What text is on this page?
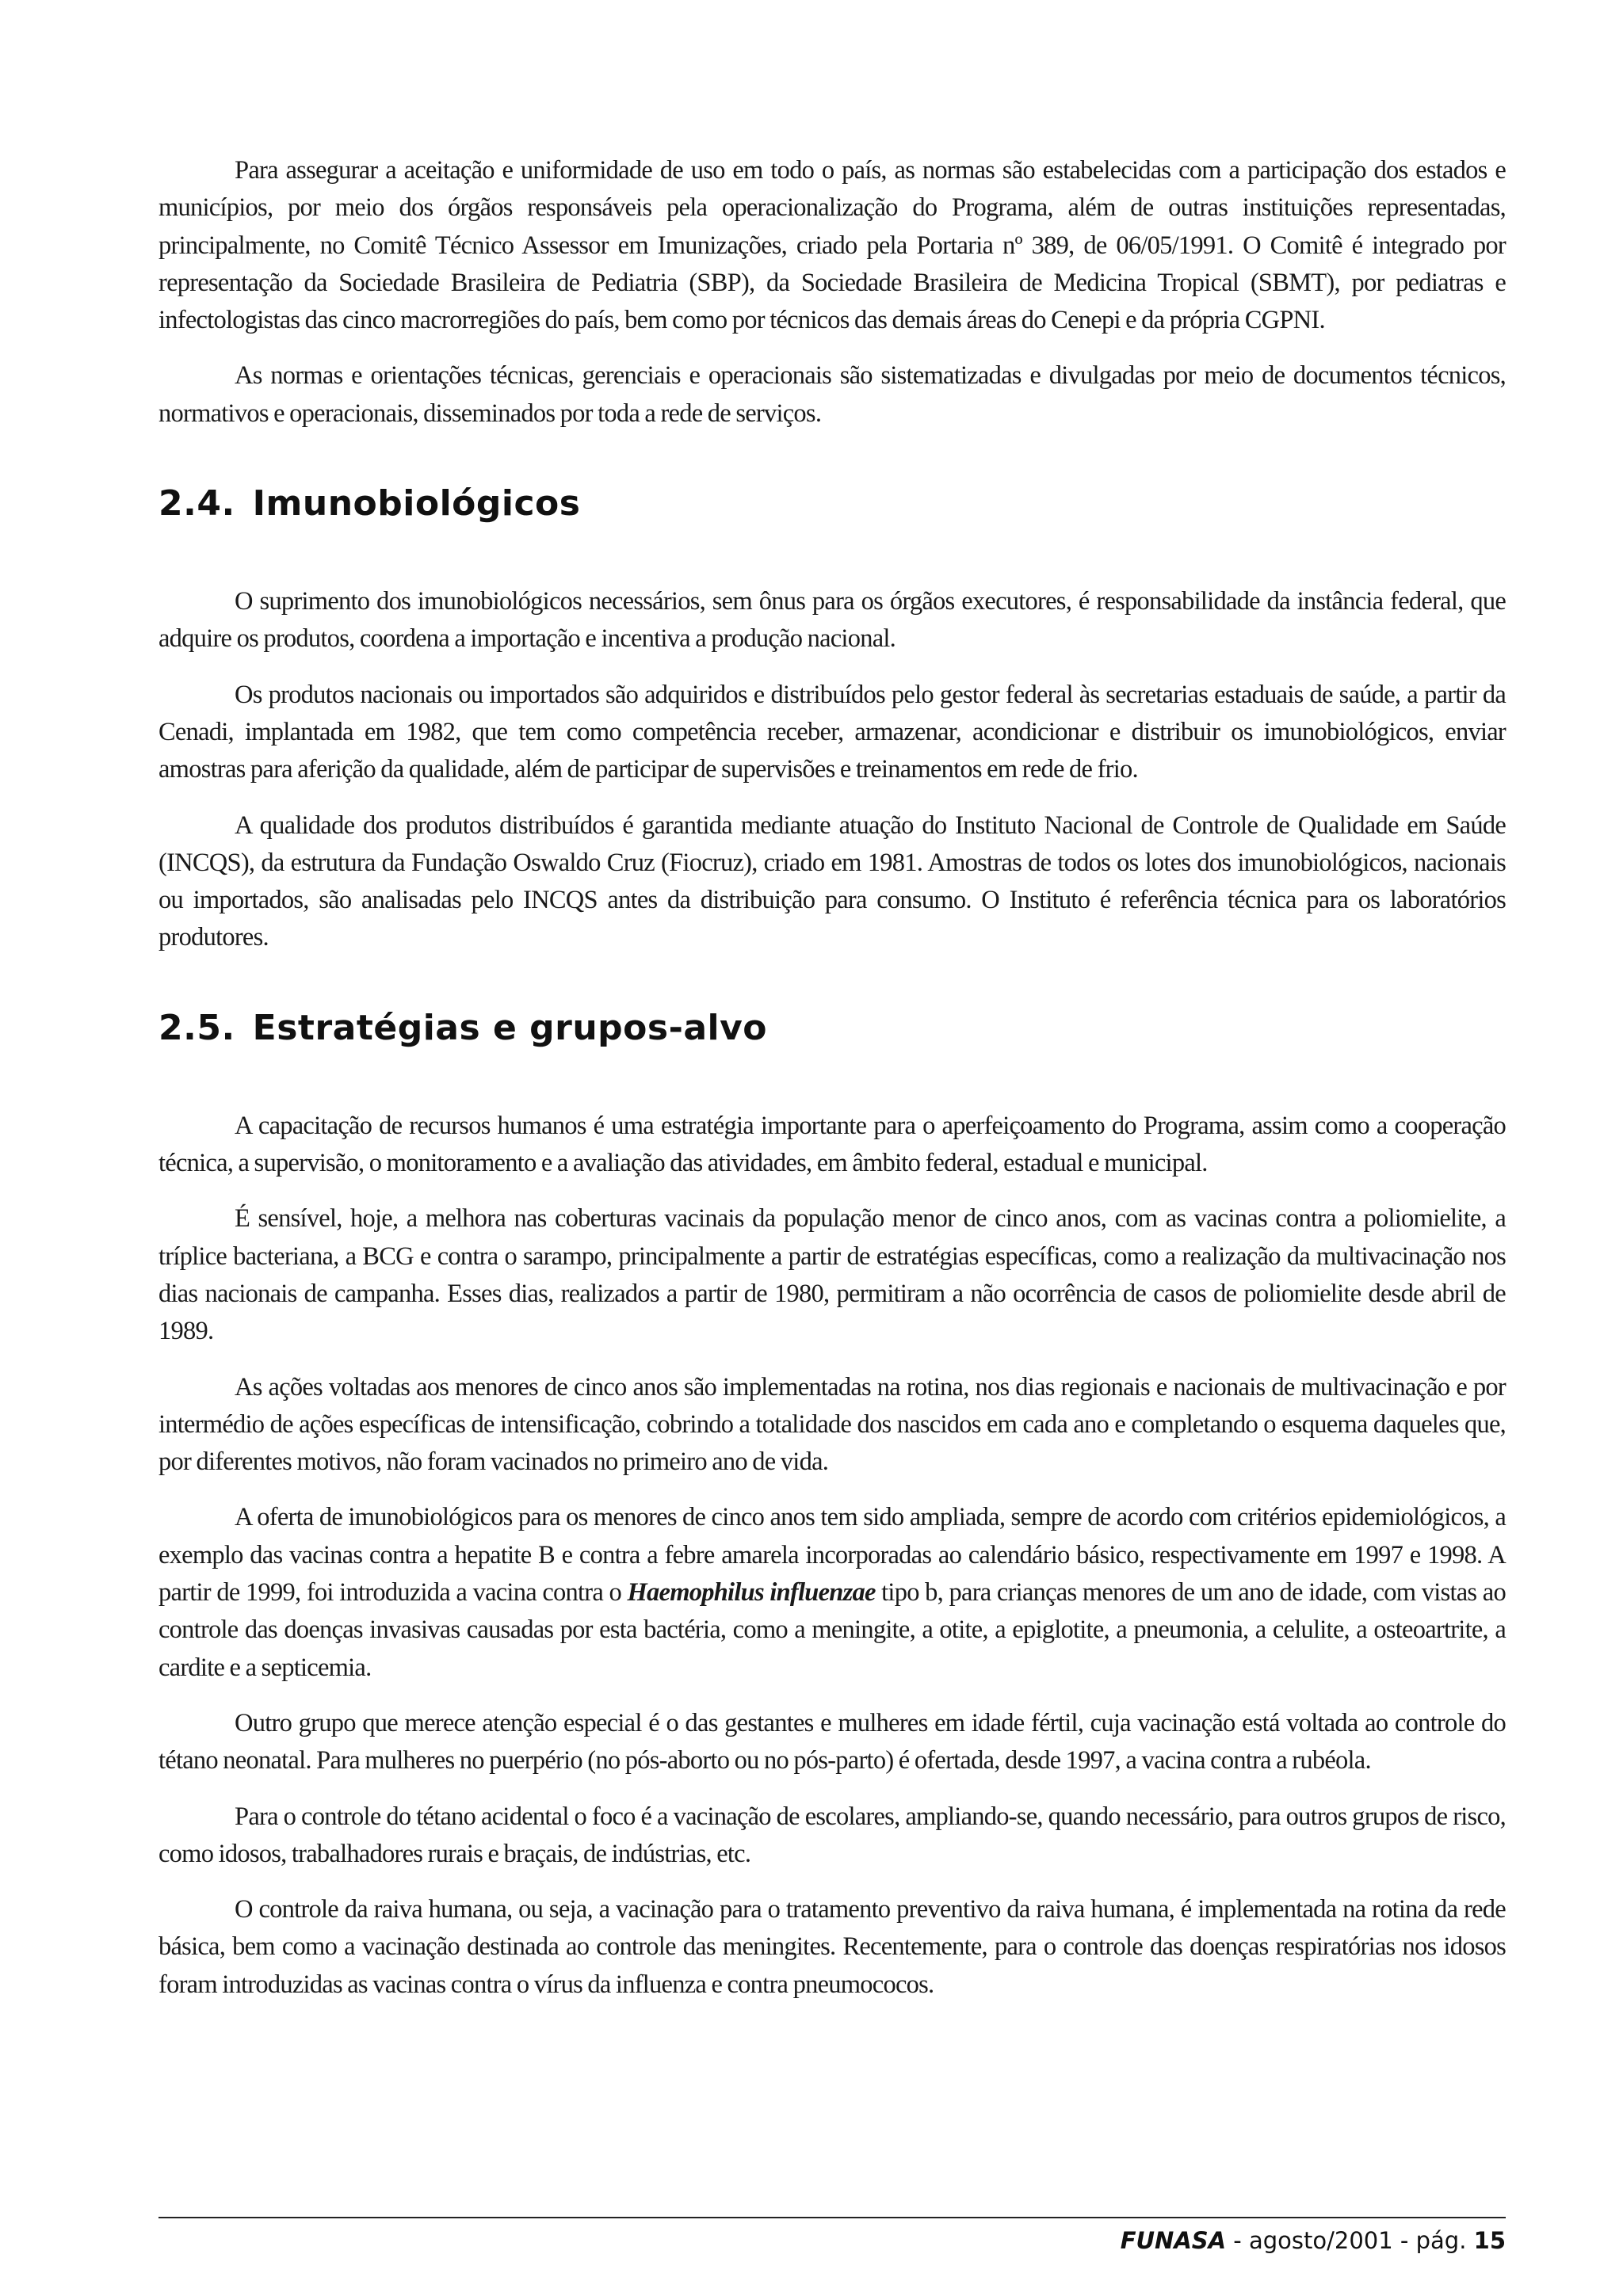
Para assegurar a aceitação e uniformidade de uso em todo o país, as normas são estabelecidas com a participação dos estados e municípios, por meio dos órgãos responsáveis pela operacionalização do Programa, além de outras instituições representadas, principalmente, no Comitê Técnico Assessor em Imunizações, criado pela Portaria nº 389, de 06/05/1991. O Comitê é integrado por representação da Sociedade Brasileira de Pediatria (SBP), da Sociedade Brasileira de Medicina Tropical (SBMT), por pediatras e infectologistas das cinco macrorregiões do país, bem como por técnicos das demais áreas do Cenepi e da própria CGPNI.

As normas e orientações técnicas, gerenciais e operacionais são sistematizadas e divulgadas por meio de documentos técnicos, normativos e operacionais, disseminados por toda a rede de serviços.

2.4. Imunobiológicos

O suprimento dos imunobiológicos necessários, sem ônus para os órgãos executores, é responsabilidade da instância federal, que adquire os produtos, coordena a importação e incentiva a produção nacional.

Os produtos nacionais ou importados são adquiridos e distribuídos pelo gestor federal às secretarias estaduais de saúde, a partir da Cenadi, implantada em 1982, que tem como competência receber, armazenar, acondicionar e distribuir os imunobiológicos, enviar amostras para aferição da qualidade, além de participar de supervisões e treinamentos em rede de frio.

A qualidade dos produtos distribuídos é garantida mediante atuação do Instituto Nacional de Controle de Qualidade em Saúde (INCQS), da estrutura da Fundação Oswaldo Cruz (Fiocruz), criado em 1981. Amostras de todos os lotes dos imunobiológicos, nacionais ou importados, são analisadas pelo INCQS antes da distribuição para consumo. O Instituto é referência técnica para os laboratórios produtores.

2.5. Estratégias e grupos-alvo

A capacitação de recursos humanos é uma estratégia importante para o aperfeiçoamento do Programa, assim como a cooperação técnica, a supervisão, o monitoramento e a avaliação das atividades, em âmbito federal, estadual e municipal.

É sensível, hoje, a melhora nas coberturas vacinais da população menor de cinco anos, com as vacinas contra a poliomielite, a tríplice bacteriana, a BCG e contra o sarampo, principalmente a partir de estratégias específicas, como a realização da multivacinação nos dias nacionais de campanha. Esses dias, realizados a partir de 1980, permitiram a não ocorrência de casos de poliomielite desde abril de 1989.

As ações voltadas aos menores de cinco anos são implementadas na rotina, nos dias regionais e nacionais de multivacinação e por intermédio de ações específicas de intensificação, cobrindo a totalidade dos nascidos em cada ano e completando o esquema daqueles que, por diferentes motivos, não foram vacinados no primeiro ano de vida.

A oferta de imunobiológicos para os menores de cinco anos tem sido ampliada, sempre de acordo com critérios epidemiológicos, a exemplo das vacinas contra a hepatite B e contra a febre amarela incorporadas ao calendário básico, respectivamente em 1997 e 1998. A partir de 1999, foi introduzida a vacina contra o Haemophilus influenzae tipo b, para crianças menores de um ano de idade, com vistas ao controle das doenças invasivas causadas por esta bactéria, como a meningite, a otite, a epiglotite, a pneumonia, a celulite, a osteoartrite, a cardite e a septicemia.

Outro grupo que merece atenção especial é o das gestantes e mulheres em idade fértil, cuja vacinação está voltada ao controle do tétano neonatal. Para mulheres no puerpério (no pós-aborto ou no pós-parto) é ofertada, desde 1997, a vacina contra a rubéola.

Para o controle do tétano acidental o foco é a vacinação de escolares, ampliando-se, quando necessário, para outros grupos de risco, como idosos, trabalhadores rurais e braçais, de indústrias, etc.

O controle da raiva humana, ou seja, a vacinação para o tratamento preventivo da raiva humana, é implementada na rotina da rede básica, bem como a vacinação destinada ao controle das meningites. Recentemente, para o controle das doenças respiratórias nos idosos foram introduzidas as vacinas contra o vírus da influenza e contra pneumococos.

FUNASA - agosto/2001 - pág. 15
